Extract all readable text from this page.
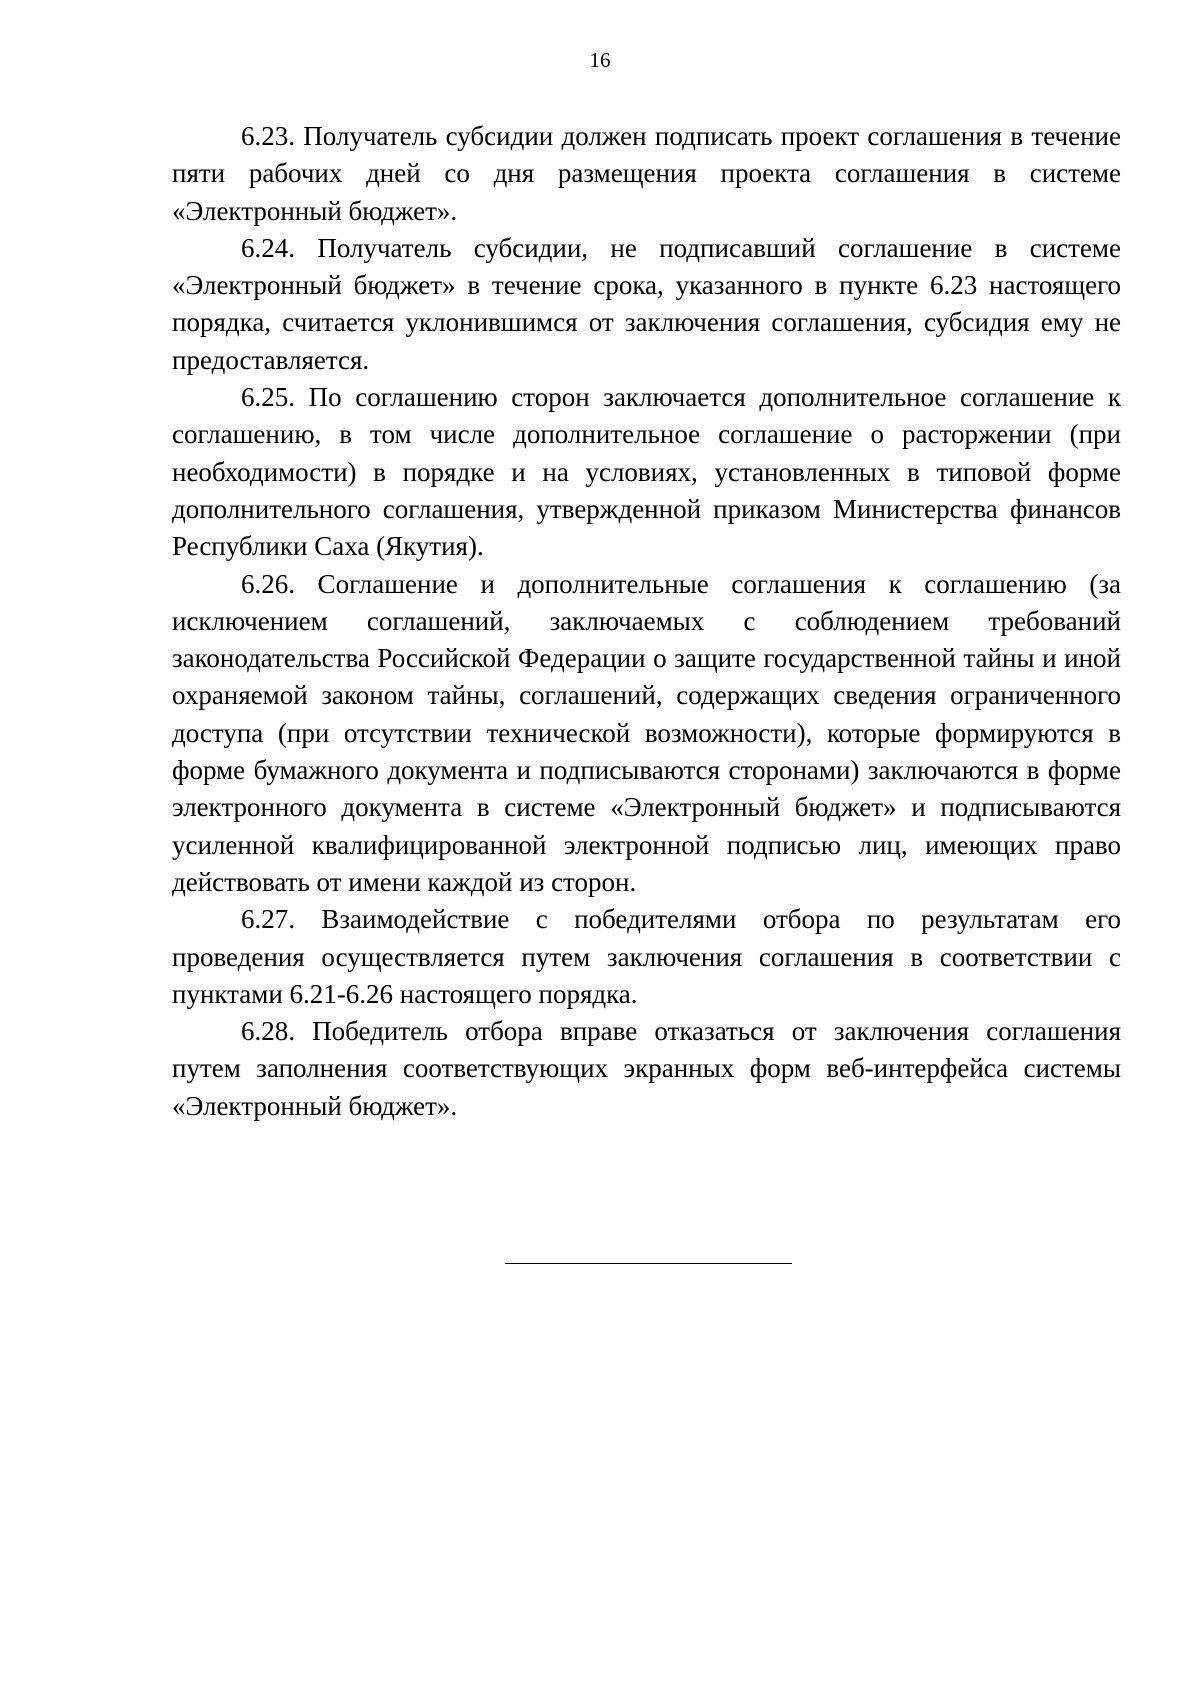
16

6.23. Получатель субсидии должен подписать проект соглашения в течение пяти рабочих дней со дня размещения проекта соглашения в системе «Электронный бюджет».

6.24. Получатель субсидии, не подписавший соглашение в системе «Электронный бюджет» в течение срока, указанного в пункте 6.23 настоящего порядка, считается уклонившимся от заключения соглашения, субсидия ему не предоставляется.

6.25. По соглашению сторон заключается дополнительное соглашение к соглашению, в том числе дополнительное соглашение о расторжении (при необходимости) в порядке и на условиях, установленных в типовой форме дополнительного соглашения, утвержденной приказом Министерства финансов Республики Саха (Якутия).

6.26. Соглашение и дополнительные соглашения к соглашению (за исключением соглашений, заключаемых с соблюдением требований законодательства Российской Федерации о защите государственной тайны и иной охраняемой законом тайны, соглашений, содержащих сведения ограниченного доступа (при отсутствии технической возможности), которые формируются в форме бумажного документа и подписываются сторонами) заключаются в форме электронного документа в системе «Электронный бюджет» и подписываются усиленной квалифицированной электронной подписью лиц, имеющих право действовать от имени каждой из сторон.

6.27. Взаимодействие с победителями отбора по результатам его проведения осуществляется путем заключения соглашения в соответствии с пунктами 6.21-6.26 настоящего порядка.

6.28. Победитель отбора вправе отказаться от заключения соглашения путем заполнения соответствующих экранных форм веб-интерфейса системы «Электронный бюджет».
